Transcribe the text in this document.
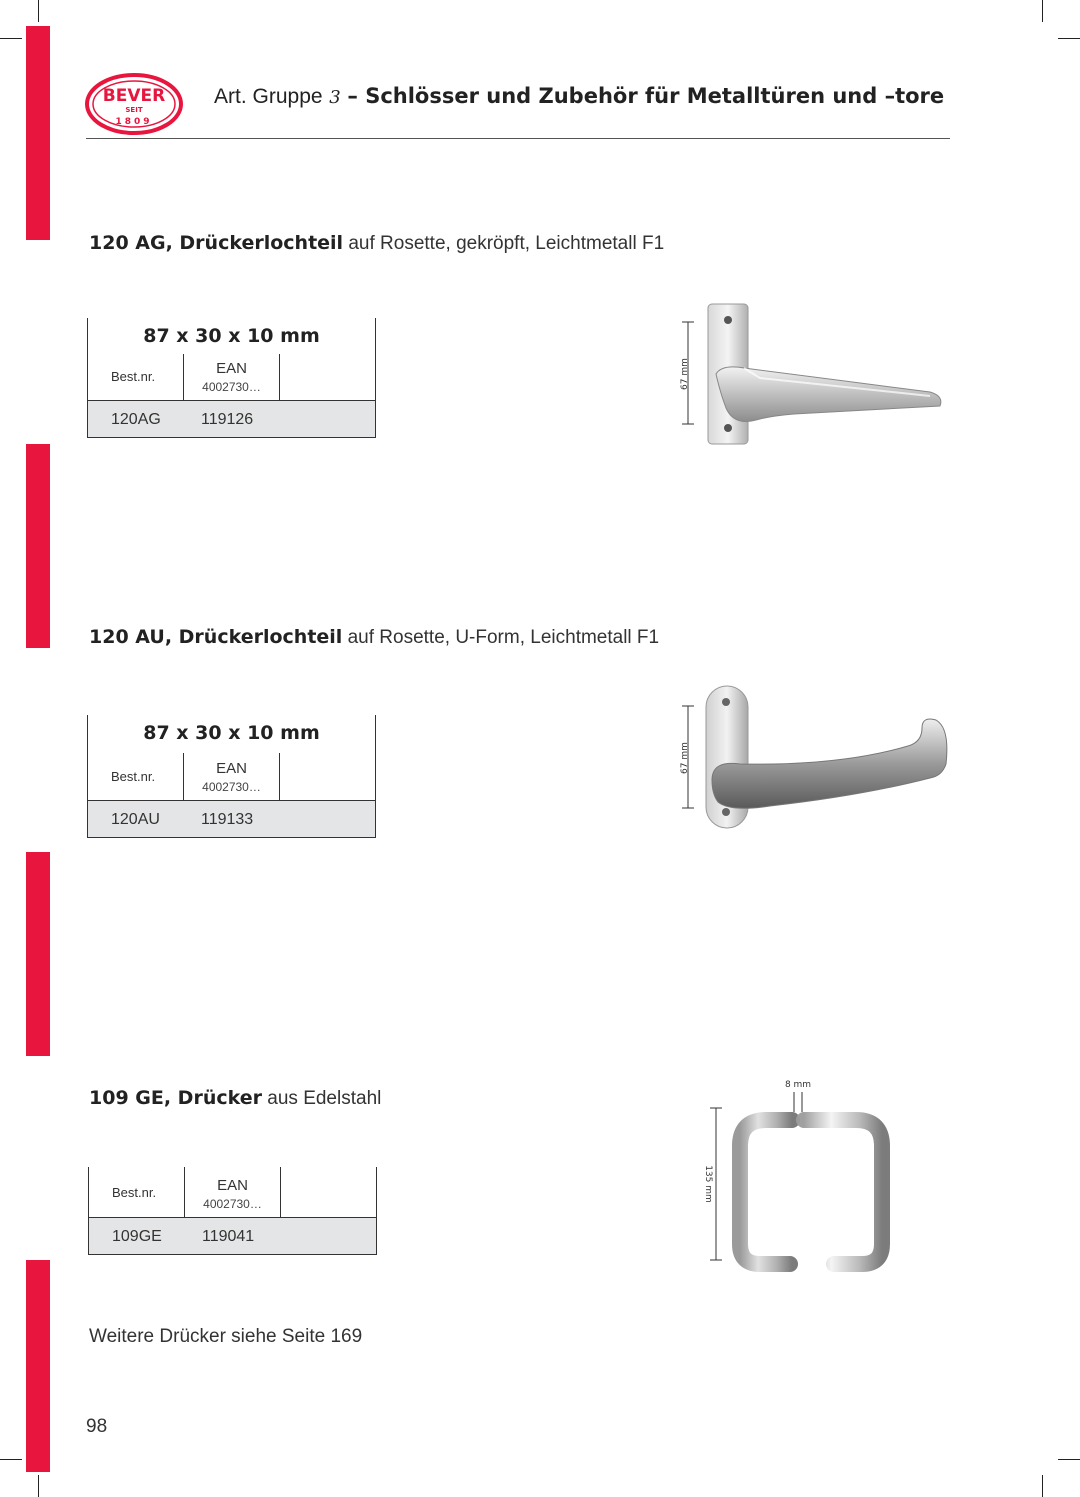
BEVER
SEIT
1809
Art. Gruppe 3 – Schlösser und Zubehör für Metalltüren und –tore
120 AG, Drückerlochteil auf Rosette, gekröpft, Leichtmetall F1
87 x 30 x 10 mm
Best.nr.	EAN
4002730…
120AG	119126
67 mm
120 AU, Drückerlochteil auf Rosette, U-Form, Leichtmetall F1
87 x 30 x 10 mm
Best.nr.	EAN
4002730…
120AU	119133
67 mm
109 GE, Drücker aus Edelstahl
Best.nr.	EAN
4002730…
109GE	119041
8 mm
135 mm
Weitere Drücker siehe Seite 169
98
